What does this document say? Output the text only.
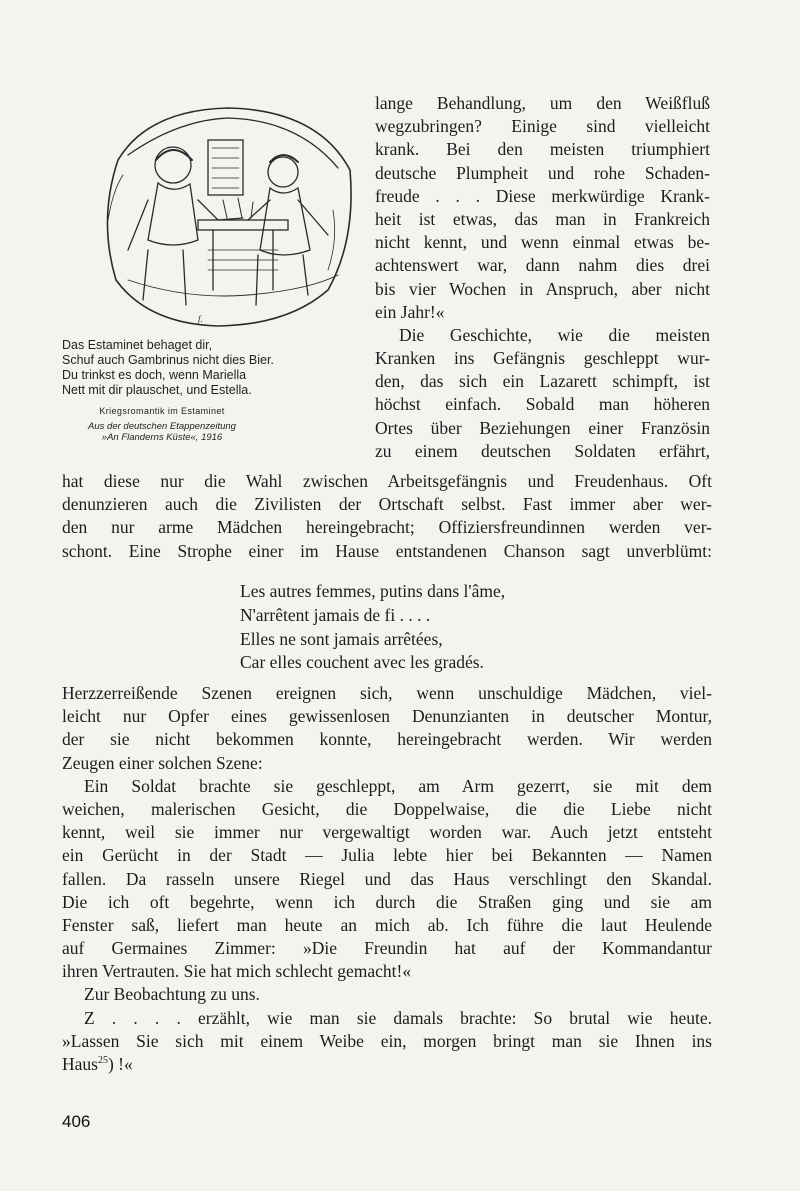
f.
Das Estaminet behaget dir,
Schuf auch Gambrinus nicht dies Bier.
Du trinkst es doch, wenn Mariella
Nett mit dir plauschet, und Estella.
Kriegsromantik im Estaminet
Aus der deutschen Etappenzeitung
»An Flanderns Küste«, 1916
lange Behandlung, um den Weißfluß
wegzubringen? Einige sind vielleicht
krank. Bei den meisten triumphiert
deutsche Plumpheit und rohe Schaden-
freude . . . Diese merkwürdige Krank-
heit ist etwas, das man in Frankreich
nicht kennt, und wenn einmal etwas be-
achtenswert war, dann nahm dies drei
bis vier Wochen in Anspruch, aber nicht
ein Jahr!«
Die Geschichte, wie die meisten
Kranken ins Gefängnis geschleppt wur-
den, das sich ein Lazarett schimpft, ist
höchst einfach. Sobald man höheren
Ortes über Beziehungen einer Französin
zu einem deutschen Soldaten erfährt,
hat diese nur die Wahl zwischen Arbeitsgefängnis und Freudenhaus. Oft
denunzieren auch die Zivilisten der Ortschaft selbst. Fast immer aber wer-
den nur arme Mädchen hereingebracht; Offiziersfreundinnen werden ver-
schont. Eine Strophe einer im Hause entstandenen Chanson sagt unverblümt:
Les autres femmes, putins dans l'âme,
N'arrêtent jamais de fi . . . .
Elles ne sont jamais arrêtées,
Car elles couchent avec les gradés.
Herzzerreißende Szenen ereignen sich, wenn unschuldige Mädchen, viel-
leicht nur Opfer eines gewissenlosen Denunzianten in deutscher Montur,
der sie nicht bekommen konnte, hereingebracht werden. Wir werden
Zeugen einer solchen Szene:
Ein Soldat brachte sie geschleppt, am Arm gezerrt, sie mit dem
weichen, malerischen Gesicht, die Doppelwaise, die die Liebe nicht
kennt, weil sie immer nur vergewaltigt worden war. Auch jetzt entsteht
ein Gerücht in der Stadt — Julia lebte hier bei Bekannten — Namen
fallen. Da rasseln unsere Riegel und das Haus verschlingt den Skandal.
Die ich oft begehrte, wenn ich durch die Straßen ging und sie am
Fenster saß, liefert man heute an mich ab. Ich führe die laut Heulende
auf Germaines Zimmer: »Die Freundin hat auf der Kommandantur
ihren Vertrauten. Sie hat mich schlecht gemacht!«
Zur Beobachtung zu uns.
Z . . . . erzählt, wie man sie damals brachte: So brutal wie heute.
»Lassen Sie sich mit einem Weibe ein, morgen bringt man sie Ihnen ins
Haus$^{25}$) !«
406
